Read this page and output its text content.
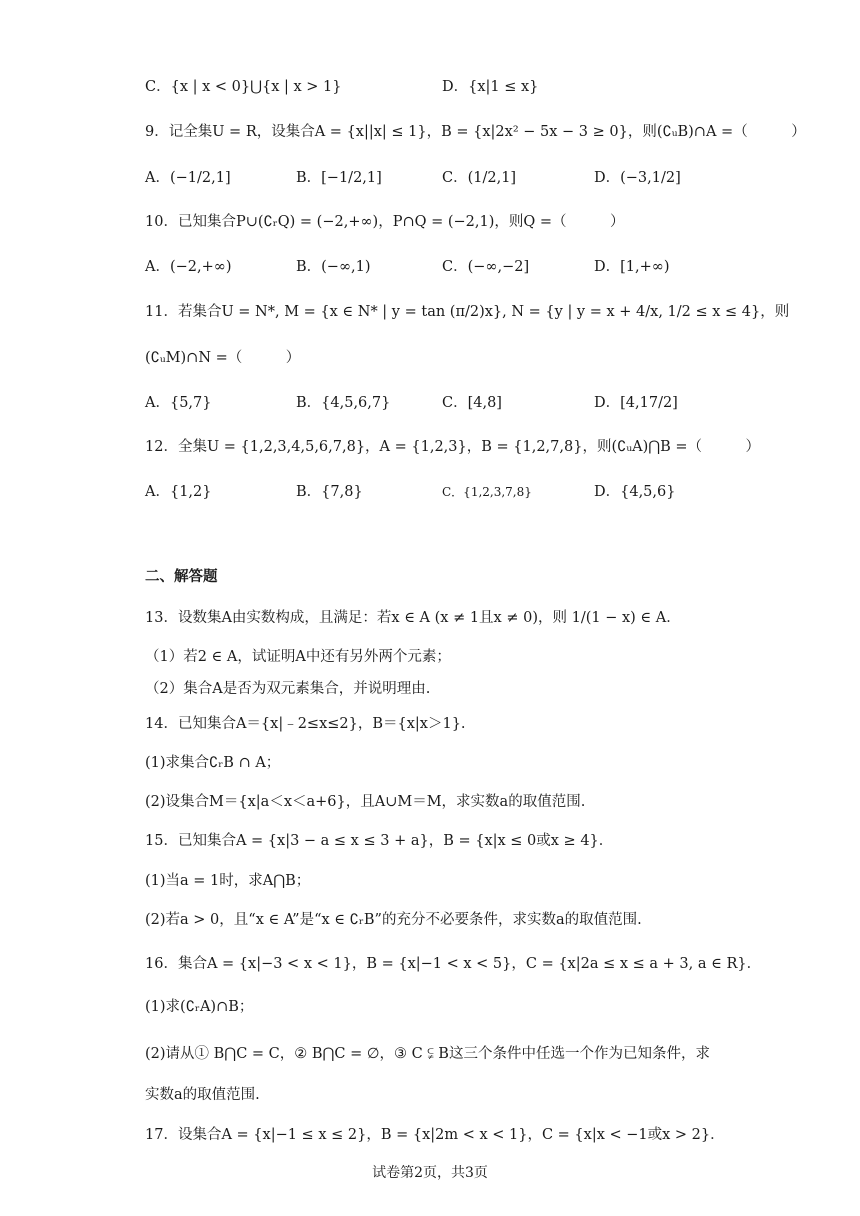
C．{x | x < 0}⋃{x | x > 1}	D．{x|1 ≤ x}
9．记全集U = R，设集合A = {x||x| ≤ 1}，B = {x|2x² − 5x − 3 ≥ 0}，则(∁ᵤB)∩A =（　　　）
A．(−1/2,1]	B．[−1/2,1]	C．(1/2,1]	D．(−3,1/2]
10．已知集合P∪(∁ᵣQ) = (−2,+∞)，P∩Q = (−2,1)，则Q =（　　　）
A．(−2,+∞)	B．(−∞,1)	C．(−∞,−2]	D．[1,+∞)
11．若集合U = N*, M = {x ∈ N* | y = tan (π/2)x}, N = {y | y = x + 4/x, 1/2 ≤ x ≤ 4}，则
(∁ᵤM)∩N =（　　　）
A．{5,7}	B．{4,5,6,7}	C．[4,8]	D．[4,17/2]
12．全集U = {1,2,3,4,5,6,7,8}，A = {1,2,3}，B = {1,2,7,8}，则(∁ᵤA)⋂B =（　　　）
A．{1,2}	B．{7,8}	C．{1,2,3,7,8}	D．{4,5,6}
二、解答题
13．设数集A由实数构成，且满足：若x ∈ A (x ≠ 1且x ≠ 0)，则 1/(1 − x) ∈ A．
（1）若2 ∈ A，试证明A中还有另外两个元素；
（2）集合A是否为双元素集合，并说明理由.
14．已知集合A＝{x|﹣2≤x≤2}，B＝{x|x＞1}.
(1)求集合∁ᵣB ∩ A；
(2)设集合M＝{x|a＜x＜a+6}，且A∪M＝M，求实数a的取值范围.
15．已知集合A = {x|3 − a ≤ x ≤ 3 + a}，B = {x|x ≤ 0或x ≥ 4}．
(1)当a = 1时，求A⋂B；
(2)若a > 0，且“x ∈ A”是“x ∈ ∁ᵣB”的充分不必要条件，求实数a的取值范围.
16．集合A = {x|−3 < x < 1}，B = {x|−1 < x < 5}，C = {x|2a ≤ x ≤ a + 3, a ∈ R}．
(1)求(∁ᵣA)∩B；
(2)请从① B⋂C = C，② B⋂C = ∅，③ C ⫋ B这三个条件中任选一个作为已知条件，求
实数a的取值范围.
17．设集合A = {x|−1 ≤ x ≤ 2}，B = {x|2m < x < 1}，C = {x|x < −1或x > 2}．
试卷第2页，共3页
